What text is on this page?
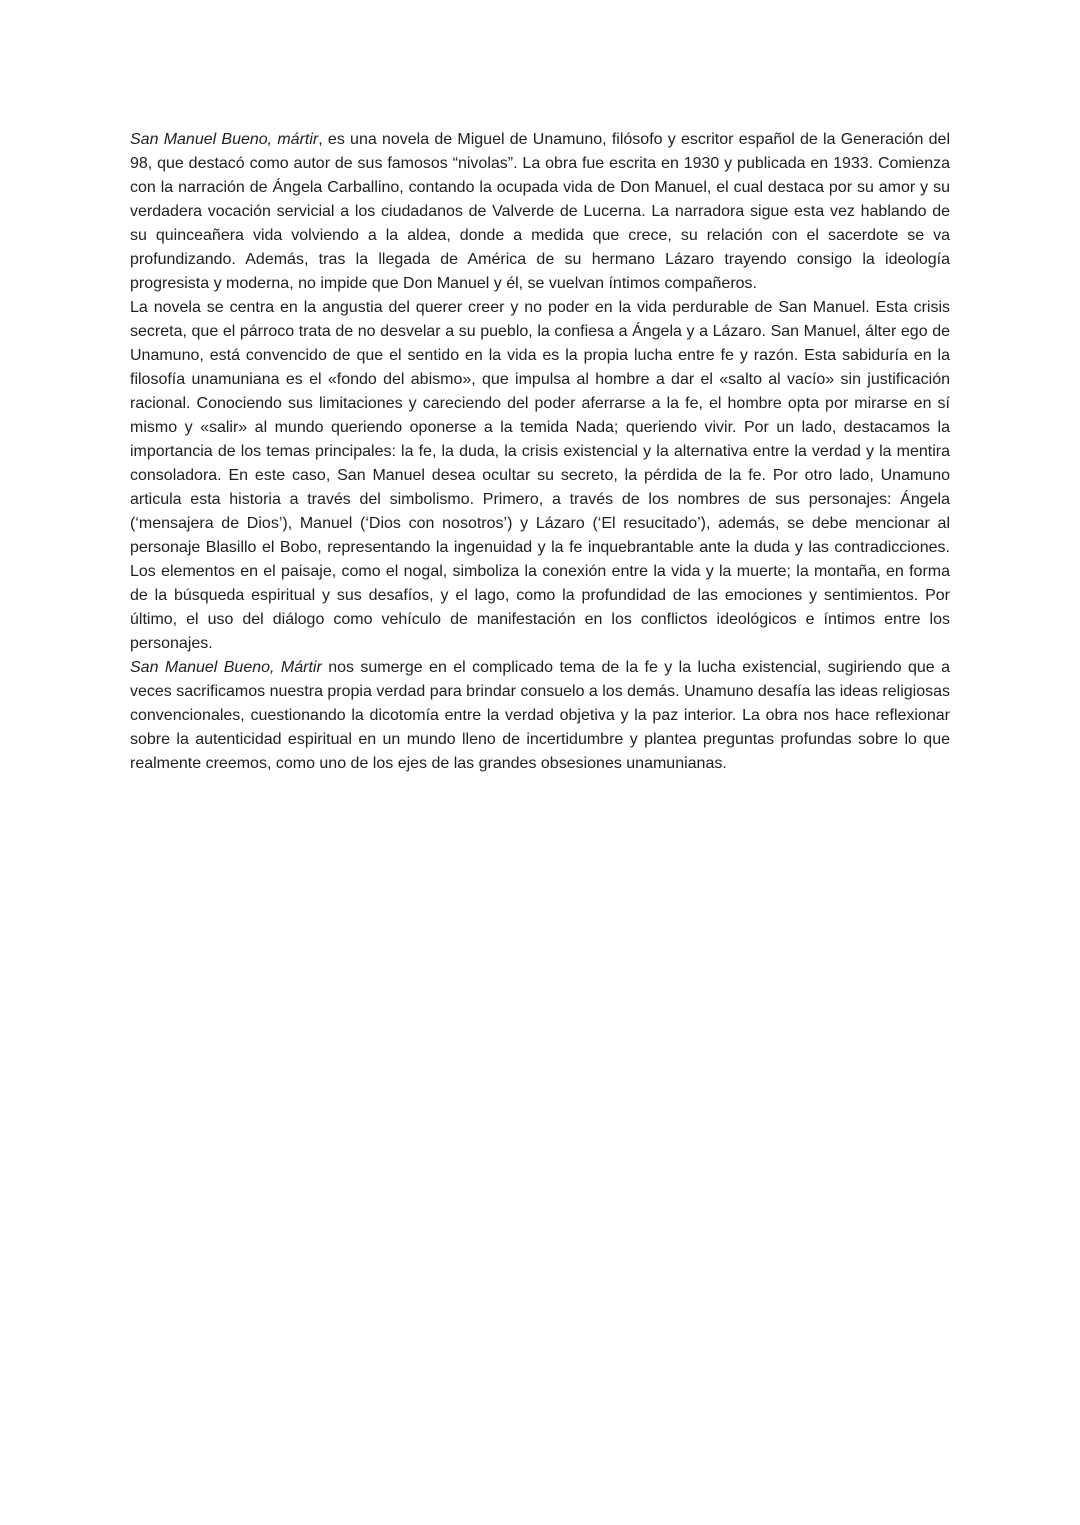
San Manuel Bueno, mártir, es una novela de Miguel de Unamuno, filósofo y escritor español de la Generación del 98, que destacó como autor de sus famosos “nivolas”. La obra fue escrita en 1930 y publicada en 1933. Comienza con la narración de Ángela Carballino, contando la ocupada vida de Don Manuel, el cual destaca por su amor y su verdadera vocación servicial a los ciudadanos de Valverde de Lucerna. La narradora sigue esta vez hablando de su quinceañera vida volviendo a la aldea, donde a medida que crece, su relación con el sacerdote se va profundizando. Además, tras la llegada de América de su hermano Lázaro trayendo consigo la ideología progresista y moderna, no impide que Don Manuel y él, se vuelvan íntimos compañeros.

La novela se centra en la angustia del querer creer y no poder en la vida perdurable de San Manuel. Esta crisis secreta, que el párroco trata de no desvelar a su pueblo, la confiesa a Ángela y a Lázaro. San Manuel, álter ego de Unamuno, está convencido de que el sentido en la vida es la propia lucha entre fe y razón. Esta sabiduría en la filosofía unamuniana es el «fondo del abismo», que impulsa al hombre a dar el «salto al vacío» sin justificación racional. Conociendo sus limitaciones y careciendo del poder aferrarse a la fe, el hombre opta por mirarse en sí mismo y «salir» al mundo queriendo oponerse a la temida Nada; queriendo vivir. Por un lado, destacamos la importancia de los temas principales: la fe, la duda, la crisis existencial y la alternativa entre la verdad y la mentira consoladora. En este caso, San Manuel desea ocultar su secreto, la pérdida de la fe. Por otro lado, Unamuno articula esta historia a través del simbolismo. Primero, a través de los nombres de sus personajes: Ángela (‘mensajera de Dios’), Manuel (‘Dios con nosotros’) y Lázaro (‘El resucitado’), además, se debe mencionar al personaje Blasillo el Bobo, representando la ingenuidad y la fe inquebrantable ante la duda y las contradicciones. Los elementos en el paisaje, como el nogal, simboliza la conexión entre la vida y la muerte; la montaña, en forma de la búsqueda espiritual y sus desafíos, y el lago, como la profundidad de las emociones y sentimientos. Por último, el uso del diálogo como vehículo de manifestación en los conflictos ideológicos e íntimos entre los personajes.

San Manuel Bueno, Mártir nos sumerge en el complicado tema de la fe y la lucha existencial, sugiriendo que a veces sacrificamos nuestra propia verdad para brindar consuelo a los demás. Unamuno desafía las ideas religiosas convencionales, cuestionando la dicotomía entre la verdad objetiva y la paz interior. La obra nos hace reflexionar sobre la autenticidad espiritual en un mundo lleno de incertidumbre y plantea preguntas profundas sobre lo que realmente creemos, como uno de los ejes de las grandes obsesiones unamunianas.
